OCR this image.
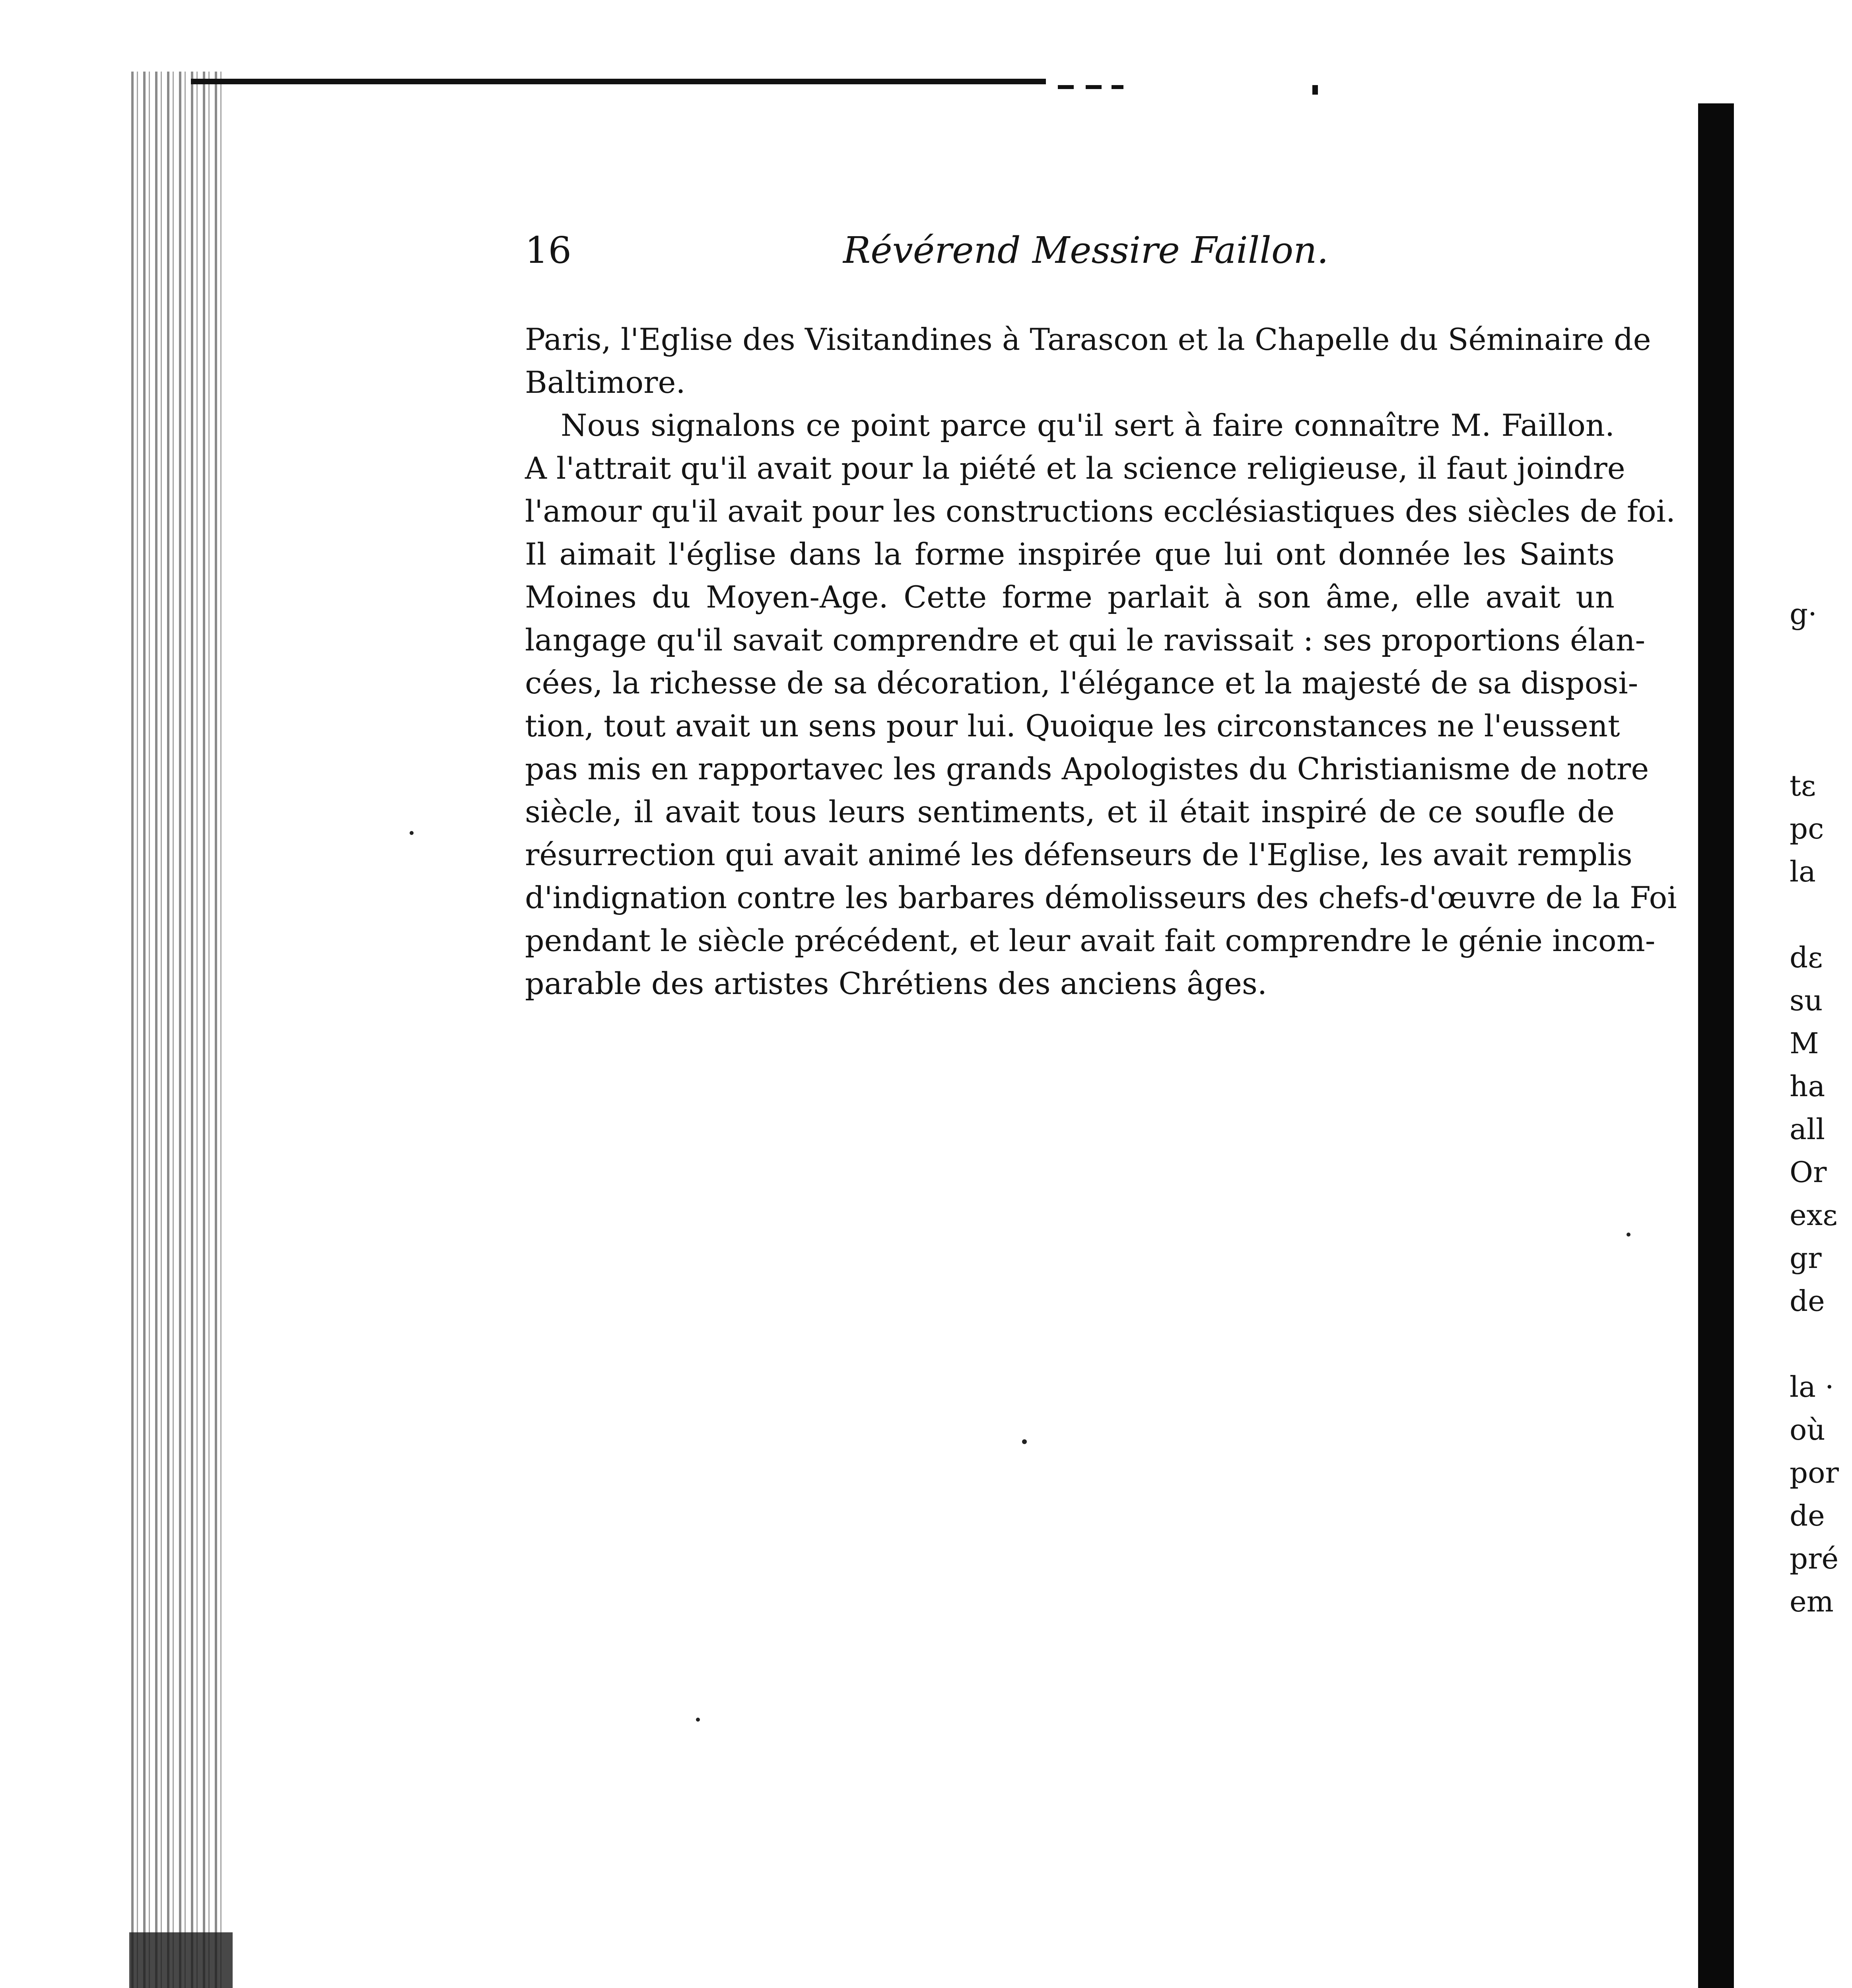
16	Révérend Messire Faillon.
Paris, l'Eglise des Visitandines à Tarascon et la Chapelle du Séminaire de
Baltimore.
Nous signalons ce point parce qu'il sert à faire connaître M. Faillon.
A l'attrait qu'il avait pour la piété et la science religieuse, il faut joindre
l'amour qu'il avait pour les constructions ecclésiastiques des siècles de foi.
Il aimait l'église dans la forme inspirée que lui ont donnée les Saints
Moines du Moyen-Age. Cette forme parlait à son âme, elle avait un
langage qu'il savait comprendre et qui le ravissait : ses proportions élan-
cées, la richesse de sa décoration, l'élégance et la majesté de sa disposi-
tion, tout avait un sens pour lui. Quoique les circonstances ne l'eussent
pas mis en rapportavec les grands Apologistes du Christianisme de notre
siècle, il avait tous leurs sentiments, et il était inspiré de ce soufle de
résurrection qui avait animé les défenseurs de l'Eglise, les avait remplis
d'indignation contre les barbares démolisseurs des chefs-d'œuvre de la Foi
pendant le siècle précédent, et leur avait fait comprendre le génie incom-
parable des artistes Chrétiens des anciens âges.
g·

tε
pc
la

dε
su
M
ha
all
Or
exε
gr
de

la ·
où
por
de
pré
em
